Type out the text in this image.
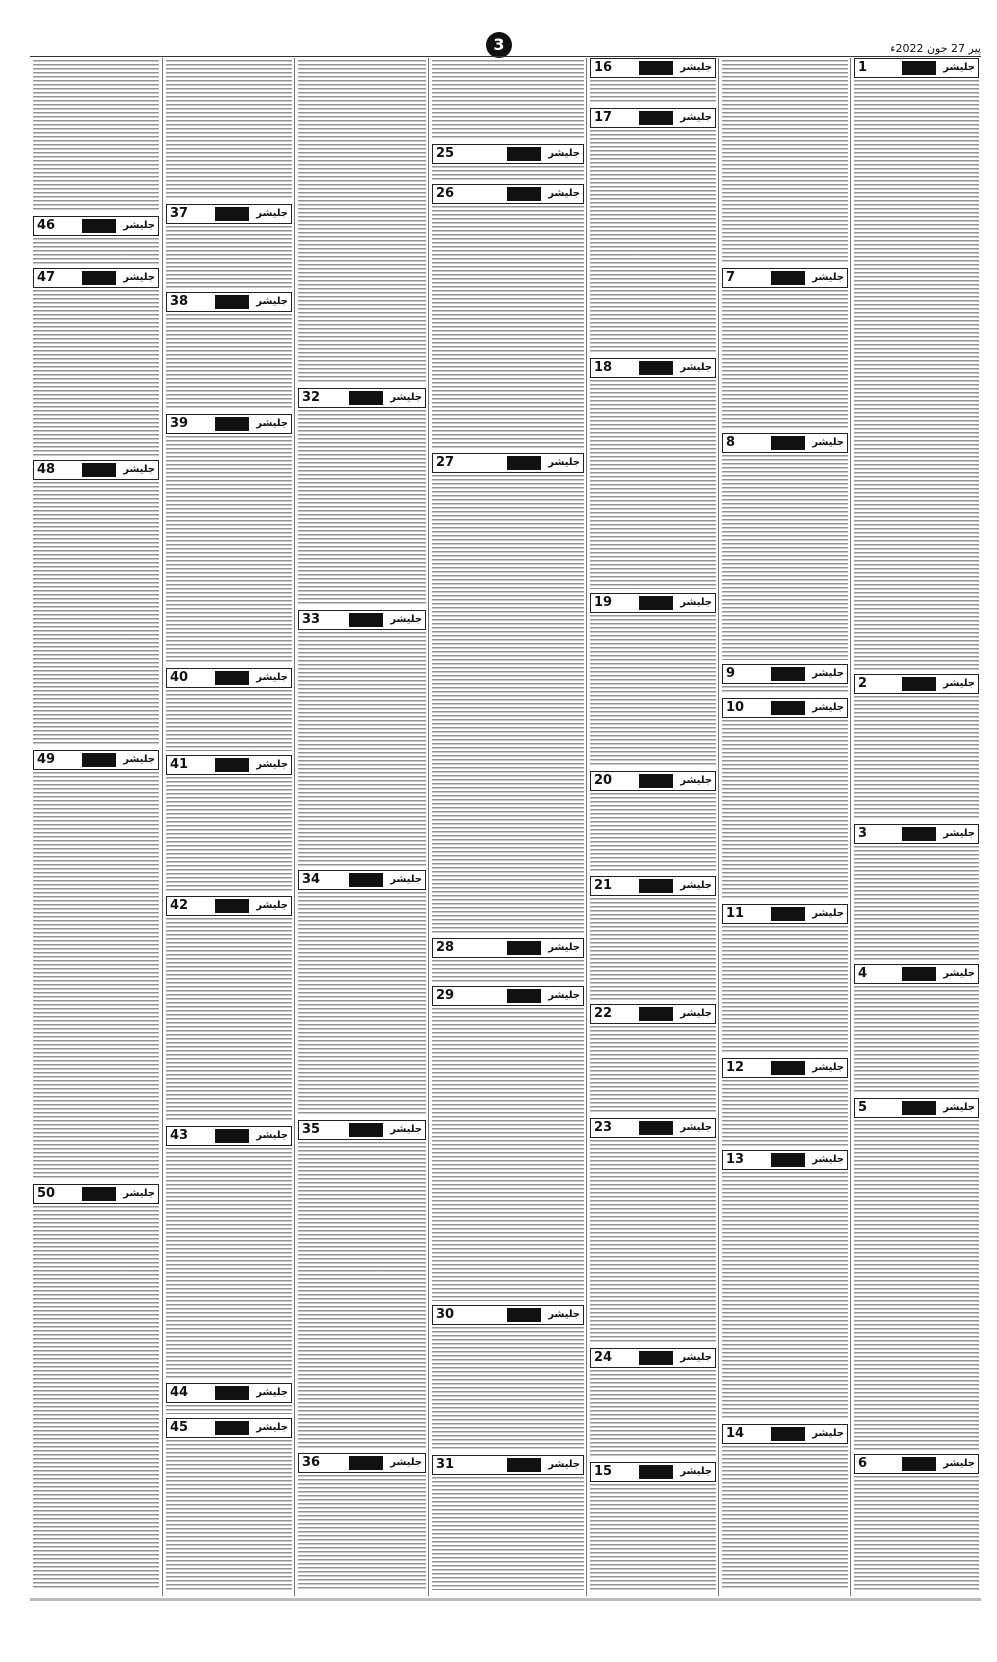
3	پیر 27 جون 2022ء
1	جلیشر
2	جلیشر
3	جلیشر
4	جلیشر
5	جلیشر
6	جلیشر
7	جلیشر
8	جلیشر
9	جلیشر
10	جلیشر
11	جلیشر
12	جلیشر
13	جلیشر
14	جلیشر
16	جلیشر
17	جلیشر
18	جلیشر
19	جلیشر
20	جلیشر
21	جلیشر
22	جلیشر
23	جلیشر
24	جلیشر
15	جلیشر
25	جلیشر
26	جلیشر
27	جلیشر
28	جلیشر
29	جلیشر
30	جلیشر
31	جلیشر
32	جلیشر
33	جلیشر
34	جلیشر
35	جلیشر
36	جلیشر
37	جلیشر
38	جلیشر
39	جلیشر
40	جلیشر
41	جلیشر
42	جلیشر
43	جلیشر
44	جلیشر
45	جلیشر
46	جلیشر
47	جلیشر
48	جلیشر
49	جلیشر
50	جلیشر
